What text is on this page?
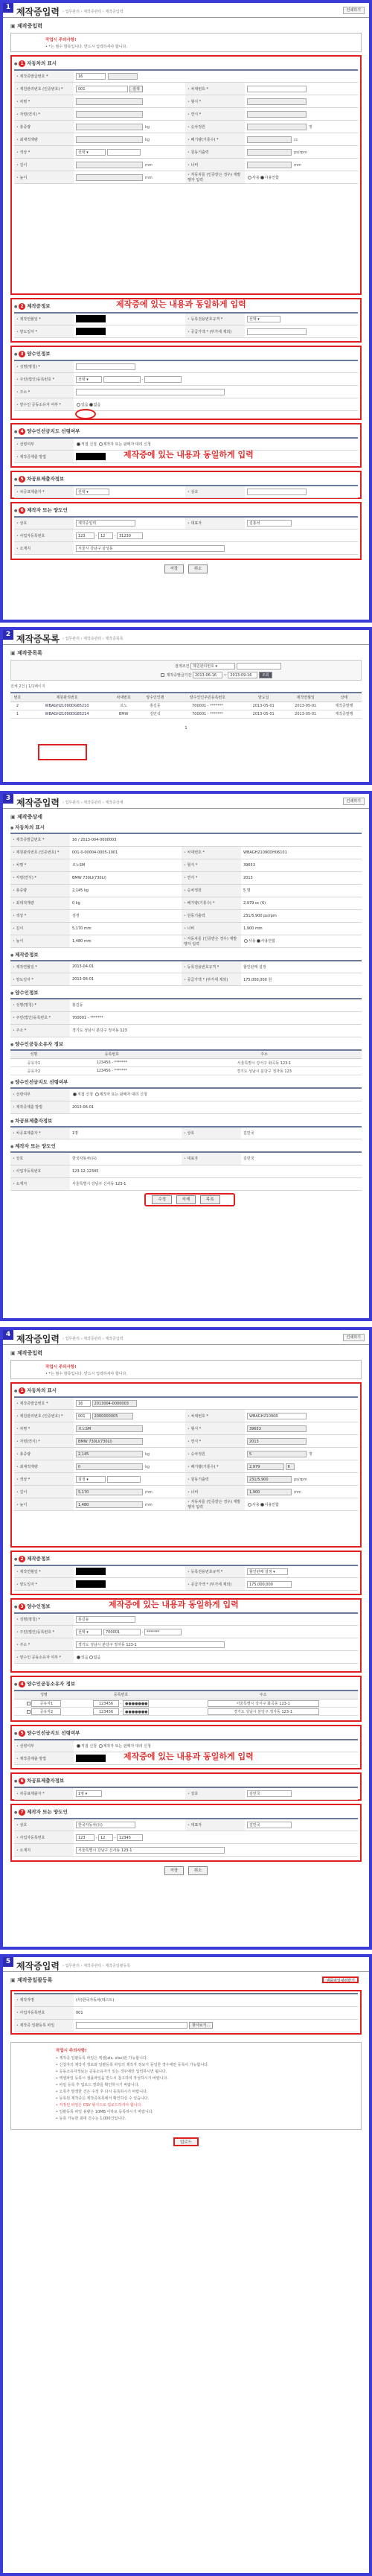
1 제작증입력 › 업무관리 › 제작증관리 › 제작증입력	인쇄하기
▣ 제작증입력
작업시 주의사항!
• *는 필수 항목입니다. 반드시 입력하셔야 합니다.
● 1 자동차의 표시
• 제작증발급번호 *	16		
• 제원관리번호 (인증번호) *	001 검색	• 차대번호 *	
• 차명 *		• 형식 *	
• 자령(연식) *		• 연식 *	
• 총중량	kg	• 승차정원	명
• 최대적재량	kg	• 배기량(기통수) *	cc
• 색상 *	선택 ▾	• 원동기출력	ps/rpm
• 길이	mm	• 너비	mm
• 높이	mm	• 자동차를 (인증받은 경우) 재발행자 입력	사용 사용안함
● 2 제작증정보
• 제작연월일 *		• 등록전용번호규격 *	선택 ▾
• 양도일자 *		• 공급가액 * (부가세 제외)	
제작증에 있는 내용과 동일하게 입력
● 3 양수인정보
• 성명(명칭) *	
• 주민(법인)등록번호 *	선택 ▾ -
• 주소 *	
• 양수인 공동소유자 여부 *	있음 없음
● 4 양수인선금지도 선령여부
• 선령여부	직접 신청 제작자 또는 판매자 대리 신청
• 제작증제출 방법		제작증에 있는 내용과 동일하게 입력
● 5 차공표제출자정보
• 차공표제출자 *	선택 ▾	•상호	
● 6 제작자 또는 양도인
• 상호	제작증입력	• 대표자	김홍석
• 사업자등록번호	123 - 12 - 31230		
• 소재지	서울시 강남구 삼성동		
저장	취소
2 제작증목록 › 업무관리 › 제작증관리 › 제작증목록
▣ 제작증목록
검색조건 제원관리번호 ▾
제작증발급기간 2013-06-16 ~ 2013-09-16	조회
전체 2건 | 1/1페이지
번호	제원관리번호	차대번호	양수인인명	양수인인주민등록번호	양도일	제작연월일	상태
2	WBAGH21090DG85210	르노	홍길동	700001 - *******	2013-05-01	2013-05-01	제작증발행
1	WBAGH21090DG85214	BMW	김민석	700001 - *******	2013-05-01	2013-05-01	제작증발행
1
3 제작증입력 › 업무관리 › 제작증관리 › 제작증상세	인쇄하기
▣ 제작증상세
● 자동차의 표시
• 제작증발급번호 *	16 / 2013-004-0000003		
• 제원관리번호 (인증번호) *	001-0-00004-0005-1001	• 차대번호 *	WBAGH21090DH06101
• 차명 *	르노SM	• 형식 *	39653
• 자령(연식) *	BMW 730LI(730LI)	• 연식 *	2013
• 총중량	2,145 kg	• 승차정원	5 명
• 최대적재량	0 kg	• 배기량(기통수) *	2,979 cc (6)
• 색상 *	검정	• 원동기출력	231/5,900 ps/rpm
• 길이	5,170 mm	• 너비	1,900 mm
• 높이	1,480 mm	• 자동차를 (인증받은 경우) 재발행자 입력	사용 사용안함
● 제작증정보
• 제작연월일 *	2013-04-01	• 등록전용번호규격 *	할인판매 설정
• 양도일자 *	2013-06-01	• 공급가액 * (부가세 제외)	175,000,000 원
● 양수인정보
• 성명(명칭) *	홍길동
• 주민(법인)등록번호 *	700001 - *******
• 주소 *	경기도 성남시 분당구 정자동 123
● 양수인공동소유자 정보
성명	등록번호	주소
공유자1	123456 - *******	서울특별시 강서구 화곡동 123-1
공유자2	123456 - *******	경기도 성남시 분당구 정자동 123
● 양수인선금지도 선령여부
• 선령여부	직접 신청 제작자 또는 판매자 대리 신청
• 제작증제출 방법	2013-06-01
● 차공표제출자정보
• 차공표제출자 *	1명	•상호	김민국
● 제작자 또는 양도인
• 상호	한국자동차(유)	• 대표자	김민국
• 사업자등록번호	123-12-12345		
• 소재지	서울특별시 강남구 신사동 123-1		
수정	삭제	목록
4 제작증입력 › 업무관리 › 제작증관리 › 제작증입력	인쇄하기
▣ 제작증입력
작업시 주의사항!
• *는 필수 항목입니다. 반드시 입력하셔야 합니다.
● 1 자동차의 표시
• 제작증발급번호 *	16 2013004-0000003		
• 제원관리번호 (인증번호) *	001 2000000005	• 차대번호 *	WBAGH21090R
• 차명 *	르노SM	• 형식 *	39653
• 자령(연식) *	BMW 730LI(730LI)	• 연식 *	2013
• 총중량	2,145 kg	• 승차정원	5 명
• 최대적재량	0 kg	• 배기량(기통수) *	2,979 6
• 색상 *	검정 ▾	• 원동기출력	231/5,900 ps/rpm
• 길이	5,170 mm	• 너비	1,900 mm
• 높이	1,480 mm	• 자동차를 (인증받은 경우) 재발행자 입력	사용 사용안함
● 2 제작증정보
• 제작연월일 *		• 등록전용번호규격 *	할인판매 설정 ▾
• 양도일자 *		• 공급가액 * (부가세 제외)	175,000,000
● 3 양수인정보	제작증에 있는 내용과 동일하게 입력
• 성명(명칭) *	홍길동
• 주민(법인)등록번호 *	선택 ▾ 700001 - *******
• 주소 *	경기도 성남시 분당구 정자동 123-1
• 양수인 공동소유자 여부 *	있음 없음
● 4 양수인공동소유자 정보
성명	등록번호	주소
공유자1	123456 - ●●●●●●●	서울특별시 강서구 화곡동 123-1
공유자2	123456 - ●●●●●●●	경기도 성남시 분당구 정자동 123-1
● 5 양수인선금지도 선령여부
• 선령여부	직접 신청 제작자 또는 판매자 대리 신청
• 제작증제출 방법		제작증에 있는 내용과 동일하게 입력
● 6 차공표제출자정보
• 차공표제출자 *	1명 ▾	•상호	김민국
● 7 제작자 또는 양도인
• 상호	한국자동차(유)	• 대표자	김민국
• 사업자등록번호	123 - 12 - 12345		
• 소재지	서울특별시 강남구 신사동 123-1		
저장	취소
5 제작증입력 › 업무관리 › 제작증관리 › 제작증일괄등록
▣ 제작증일괄등록	샘플파일내려받기
• 제작자명	(사)한국자동차(테스트)
• 사업자등록번호	001
• 제작증 일괄등록 파일	찾아보기...
작업시 주의사항!
• 제작증 일괄등록 파일은 엑셀(xls, xlsx)만 가능합니다.
• 신청자의 제작자 정보와 일괄등록 파일의 제작자 정보가 동일한 경우에만 등록이 가능합니다.
• 공동소유자정보는 공동소유자가 있는 경우에만 입력하시면 됩니다.
• 엑셀파일 등록시 샘플파일을 반드시 참고하여 작성하시기 바랍니다.
• 파일 등록 후 업로드 결과를 확인하시기 바랍니다.
• 오류가 발생한 건은 수정 후 다시 등록하시기 바랍니다.
• 등록된 제작증은 제작증목록에서 확인하실 수 있습니다.
• 저장된 파일은 CSV 형식으로 업로드하셔야 합니다.
• 일괄등록 파일 용량은 10MB 이하로 등록하시기 바랍니다.
• 등록 가능한 최대 건수는 1,000건입니다.
업로드
